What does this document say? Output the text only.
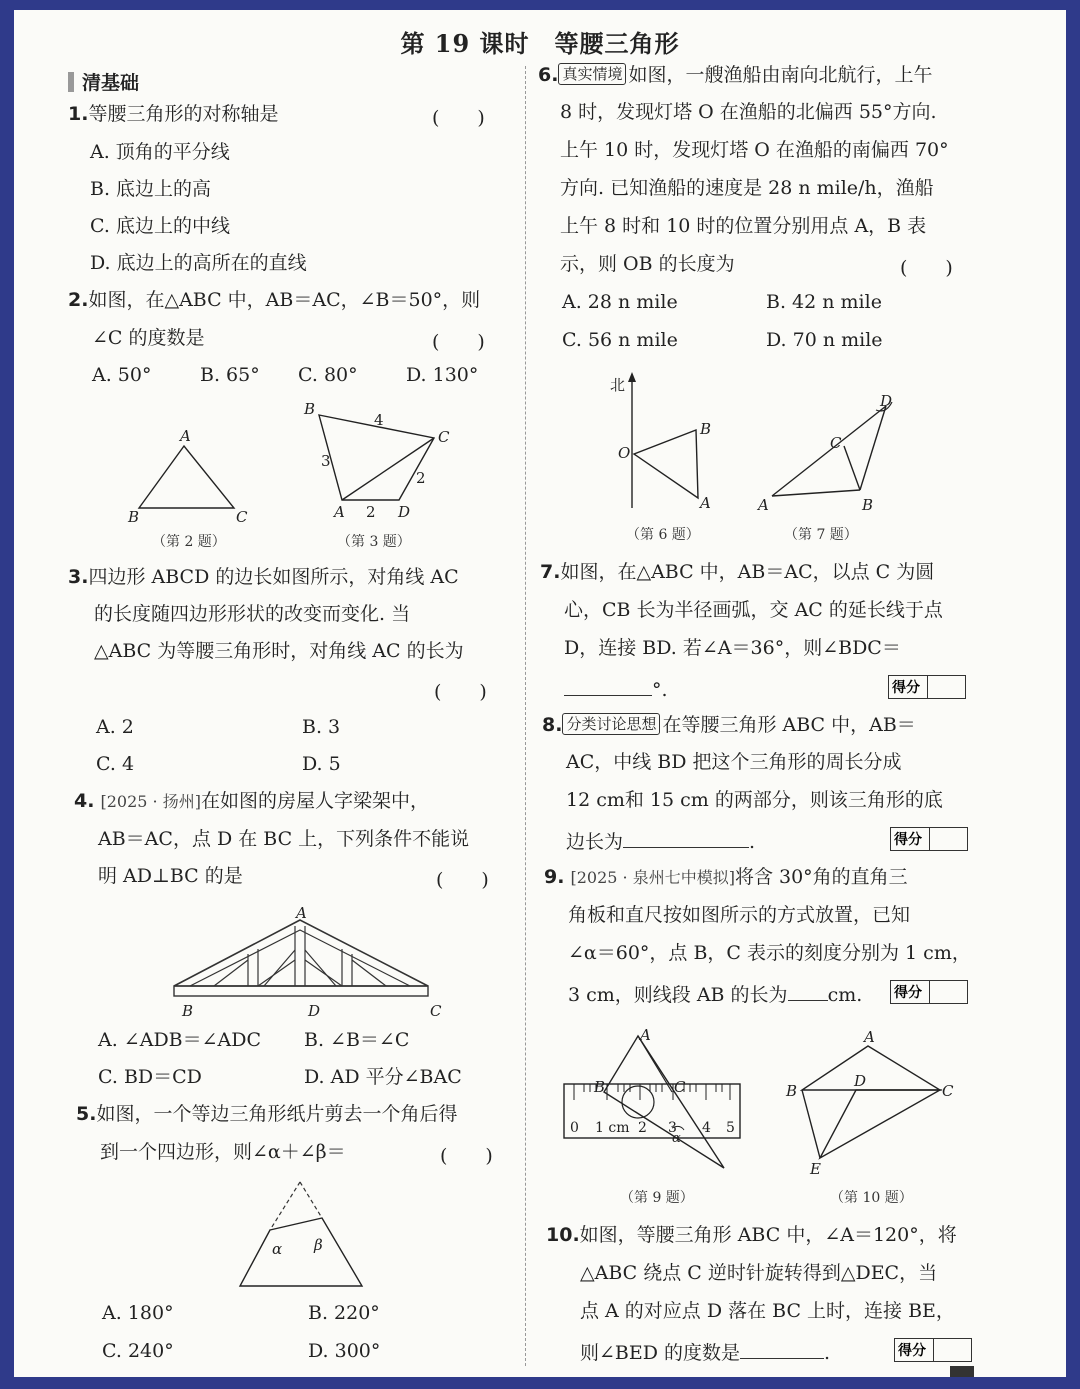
第 19 课时　等腰三角形
清基础
1.等腰三角形的对称轴是	(　　)
A. 顶角的平分线
B. 底边上的高
C. 底边上的中线
D. 底边上的高所在的直线
2.如图，在△ABC 中，AB＝AC，∠B＝50°，则
∠C 的度数是	(　　)
A. 50°	B. 65° C. 80°	D. 130°
A
B	C
（第 2 题）
B
C
A	D
4
3
2
2
（第 3 题）
3.四边形 ABCD 的边长如图所示，对角线 AC
的长度随四边形形状的改变而变化. 当
△ABC 为等腰三角形时，对角线 AC 的长为
(　　)
A. 2	B. 3
C. 4	D. 5
4. [2025 · 扬州]在如图的房屋人字梁架中，
AB＝AC，点 D 在 BC 上，下列条件不能说
明 AD⊥BC 的是	(　　)
A
B	D	C
A. ∠ADB＝∠ADC B. ∠B＝∠C
C. BD＝CD	D. AD 平分∠BAC
5.如图，一个等边三角形纸片剪去一个角后得
到一个四边形，则∠α＋∠β＝	(　　)
α β
A. 180°	B. 220°
C. 240°	D. 300°
6. 真实情境 如图，一艘渔船由南向北航行，上午
8 时，发现灯塔 O 在渔船的北偏西 55°方向.
上午 10 时，发现灯塔 O 在渔船的南偏西 70°
方向. 已知渔船的速度是 28 n mile/h，渔船
上午 8 时和 10 时的位置分别用点 A，B 表
示，则 OB 的长度为	(　　)
A. 28 n mile	B. 42 n mile
C. 56 n mile	D. 70 n mile
北
O
B
A
（第 6 题）
A	B
C
D
（第 7 题）
7.如图，在△ABC 中，AB＝AC，以点 C 为圆
心，CB 长为半径画弧，交 AC 的延长线于点
D，连接 BD. 若∠A＝36°，则∠BDC＝
°.	得分
8. 分类讨论思想 在等腰三角形 ABC 中，AB＝
AC，中线 BD 把这个三角形的周长分成
12 cm和 15 cm 的两部分，则该三角形的底
边长为	.	得分
9. [2025 · 泉州七中模拟]将含 30°角的直角三
角板和直尺按如图所示的方式放置，已知
∠α＝60°，点 B，C 表示的刻度分别为 1 cm，
3 cm，则线段 AB 的长为 cm. 得分
A
B	C
α
0 1 cm 2 3 4 5
（第 9 题）
A
B	C
D
E
（第 10 题）
10.如图，等腰三角形 ABC 中，∠A＝120°，将
△ABC 绕点 C 逆时针旋转得到△DEC，当
点 A 的对应点 D 落在 BC 上时，连接 BE，
则∠BED 的度数是	.	得分
